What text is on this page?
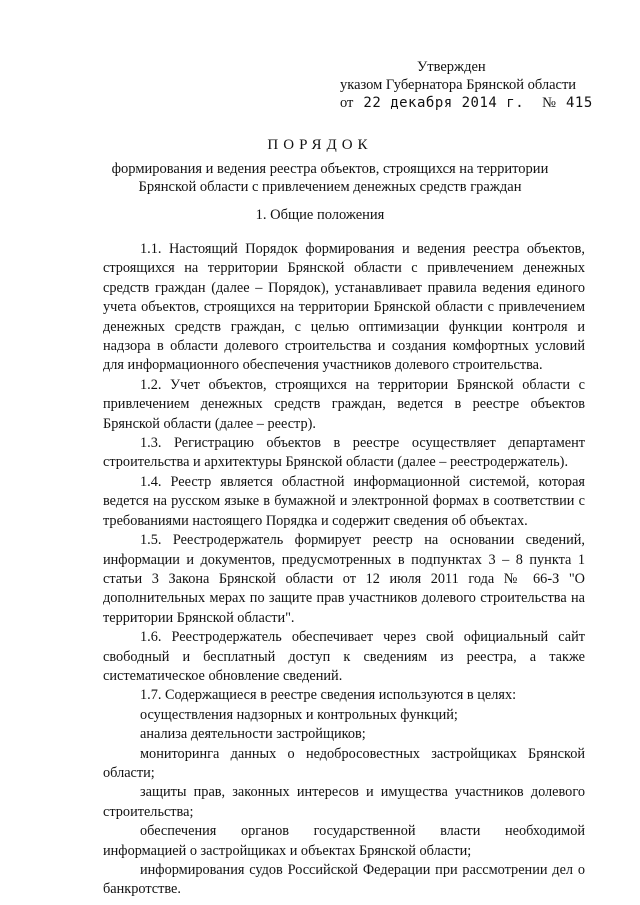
Утвержден
указом Губернатора Брянской области
от 22 декабря 2014 г.	№ 415
ПОРЯДОК
формирования и ведения реестра объектов, строящихся на территории Брянской области с привлечением денежных средств граждан
1. Общие положения

1.1. Настоящий Порядок формирования и ведения реестра объектов, строящихся на территории Брянской области с привлечением денежных средств граждан (далее – Порядок), устанавливает правила ведения единого учета объектов, строящихся на территории Брянской области с привлечением денежных средств граждан, с целью оптимизации функции контроля и надзора в области долевого строительства и создания комфортных условий для информационного обеспечения участников долевого строительства.

1.2. Учет объектов, строящихся на территории Брянской области с привлечением денежных средств граждан, ведется в реестре объектов Брянской области (далее – реестр).

1.3. Регистрацию объектов в реестре осуществляет департамент строительства и архитектуры Брянской области (далее – реестродержатель).

1.4. Реестр является областной информационной системой, которая ведется на русском языке в бумажной и электронной формах в соответствии с требованиями настоящего Порядка и содержит сведения об объектах.

1.5. Реестродержатель формирует реестр на основании сведений, информации и документов, предусмотренных в подпунктах 3 – 8 пункта 1 статьи 3 Закона Брянской области от 12 июля 2011 года № 66-З "О дополнительных мерах по защите прав участников долевого строительства на территории Брянской области".

1.6. Реестродержатель обеспечивает через свой официальный сайт свободный и бесплатный доступ к сведениям из реестра, а также систематическое обновление сведений.

1.7. Содержащиеся в реестре сведения используются в целях:

осуществления надзорных и контрольных функций;

анализа деятельности застройщиков;

мониторинга данных о недобросовестных застройщиках Брянской области;

защиты прав, законных интересов и имущества участников долевого строительства;

обеспечения органов государственной власти необходимой информацией о застройщиках и объектах Брянской области;

информирования судов Российской Федерации при рассмотрении дел о банкротстве.
